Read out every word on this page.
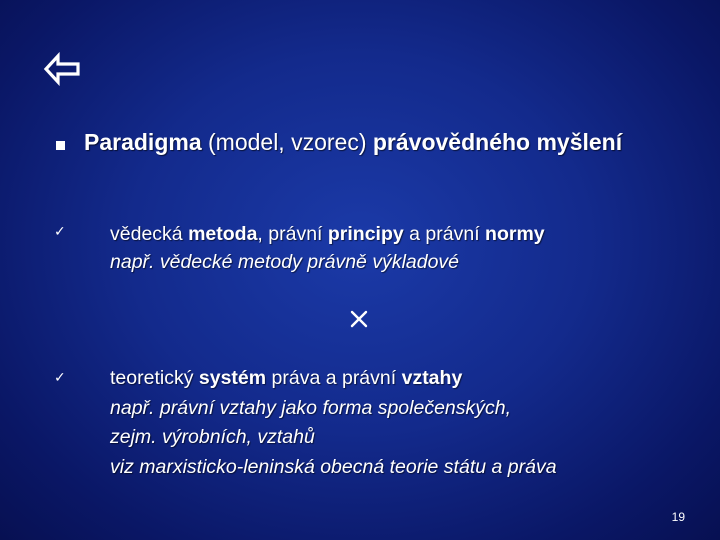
Paradigma (model, vzorec) právovědného myšlení
✓ vědecká metoda, právní principy a právní normy
např. vědecké metody právně výkladové
✓ teoretický systém práva a právní vztahy
např. právní vztahy jako forma společenských,
zejm. výrobních, vztahů
viz marxisticko-leninská obecná teorie státu a práva
19
